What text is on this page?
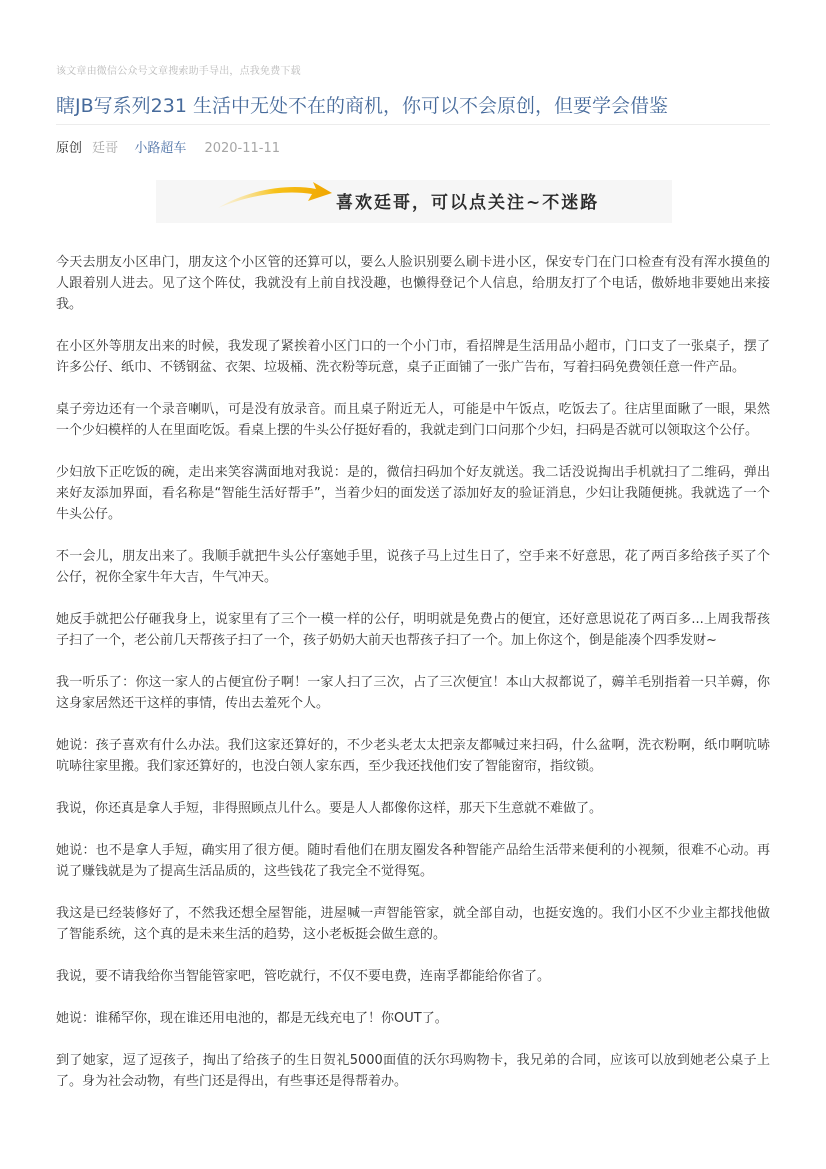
该文章由微信公众号文章搜索助手导出，点我免费下载
瞎JB写系列231 生活中无处不在的商机，你可以不会原创，但要学会借鉴
原创 廷哥 小路超车 2020-11-11
喜欢廷哥，可以点关注~不迷路

今天去朋友小区串门，朋友这个小区管的还算可以，要么人脸识别要么刷卡进小区，保安专门在门口检查有没有浑水摸鱼的人跟着别人进去。见了这个阵仗，我就没有上前自找没趣，也懒得登记个人信息，给朋友打了个电话，傲娇地非要她出来接我。

在小区外等朋友出来的时候，我发现了紧挨着小区门口的一个小门市，看招牌是生活用品小超市，门口支了一张桌子，摆了许多公仔、纸巾、不锈钢盆、衣架、垃圾桶、洗衣粉等玩意，桌子正面铺了一张广告布，写着扫码免费领任意一件产品。

桌子旁边还有一个录音喇叭，可是没有放录音。而且桌子附近无人，可能是中午饭点，吃饭去了。往店里面瞅了一眼，果然一个少妇模样的人在里面吃饭。看桌上摆的牛头公仔挺好看的，我就走到门口问那个少妇，扫码是否就可以领取这个公仔。

少妇放下正吃饭的碗，走出来笑容满面地对我说：是的，微信扫码加个好友就送。我二话没说掏出手机就扫了二维码，弹出来好友添加界面，看名称是“智能生活好帮手”，当着少妇的面发送了添加好友的验证消息，少妇让我随便挑。我就选了一个牛头公仔。

不一会儿，朋友出来了。我顺手就把牛头公仔塞她手里，说孩子马上过生日了，空手来不好意思，花了两百多给孩子买了个公仔，祝你全家牛年大吉，牛气冲天。

她反手就把公仔砸我身上，说家里有了三个一模一样的公仔，明明就是免费占的便宜，还好意思说花了两百多...上周我帮孩子扫了一个，老公前几天帮孩子扫了一个，孩子奶奶大前天也帮孩子扫了一个。加上你这个，倒是能凑个四季发财~

我一听乐了：你这一家人的占便宜份子啊！一家人扫了三次，占了三次便宜！本山大叔都说了，薅羊毛别指着一只羊薅，你这身家居然还干这样的事情，传出去羞死个人。

她说：孩子喜欢有什么办法。我们这家还算好的，不少老头老太太把亲友都喊过来扫码，什么盆啊，洗衣粉啊，纸巾啊吭哧吭哧往家里搬。我们家还算好的，也没白领人家东西，至少我还找他们安了智能窗帘，指纹锁。

我说，你还真是拿人手短，非得照顾点儿什么。要是人人都像你这样，那天下生意就不难做了。

她说：也不是拿人手短，确实用了很方便。随时看他们在朋友圈发各种智能产品给生活带来便利的小视频，很难不心动。再说了赚钱就是为了提高生活品质的，这些钱花了我完全不觉得冤。

我这是已经装修好了，不然我还想全屋智能，进屋喊一声智能管家，就全部自动，也挺安逸的。我们小区不少业主都找他做了智能系统，这个真的是未来生活的趋势，这小老板挺会做生意的。

我说，要不请我给你当智能管家吧，管吃就行，不仅不要电费，连南孚都能给你省了。

她说：谁稀罕你，现在谁还用电池的，都是无线充电了！你OUT了。

到了她家，逗了逗孩子，掏出了给孩子的生日贺礼5000面值的沃尔玛购物卡，我兄弟的合同，应该可以放到她老公桌子上了。身为社会动物，有些门还是得出，有些事还是得帮着办。
